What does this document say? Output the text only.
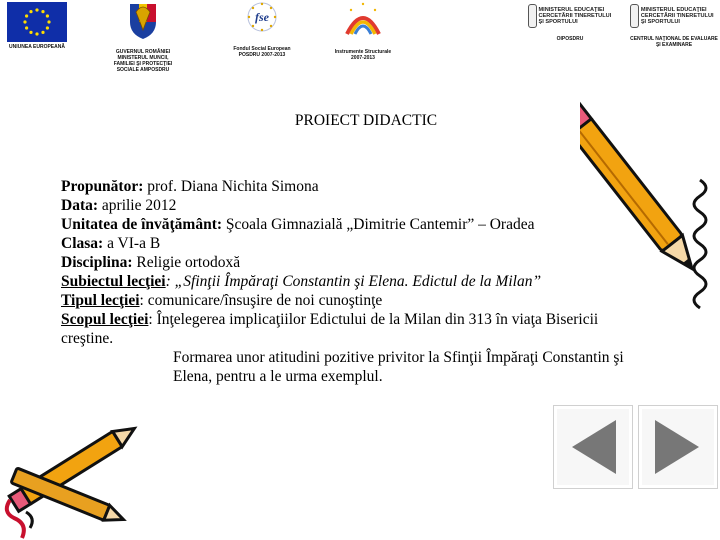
UNIUNEA EUROPEANĂ
GUVERNUL ROMÂNIEI MINISTERUL MUNCII, FAMILIEI ŞI PROTECŢIEI SOCIALE AMPOSDRU
fse
Fondul Social European POSDRU 2007-2013	Instrumente Structurale 2007-2013
MINISTERUL EDUCAŢIEI CERCETĂRII TINERETULUI ŞI SPORTULUI
OIPOSDRU
MINISTERUL EDUCAŢIEI CERCETĂRII TINERETULUI ŞI SPORTULUI
CENTRUL NAŢIONAL DE EVALUARE ŞI EXAMINARE
PROIECT DIDACTIC

Propunător: prof. Diana Nichita Simona

Data: aprilie 2012

Unitatea de învăţământ: Şcoala Gimnazială „Dimitrie Cantemir” – Oradea

Clasa: a VI-a B

Disciplina: Religie ortodoxă

Subiectul lecţiei: „Sfinţii Împăraţi Constantin şi Elena. Edictul de la Milan”

Tipul lecţiei: comunicare/însuşire de noi cunoştinţe

Scopul lecţiei: Înţelegerea implicaţiilor Edictului de la Milan din 313 în viaţa Bisericii creştine.

Formarea unor atitudini pozitive privitor la Sfinţii Împăraţi Constantin şi Elena, pentru a le urma exemplul.
